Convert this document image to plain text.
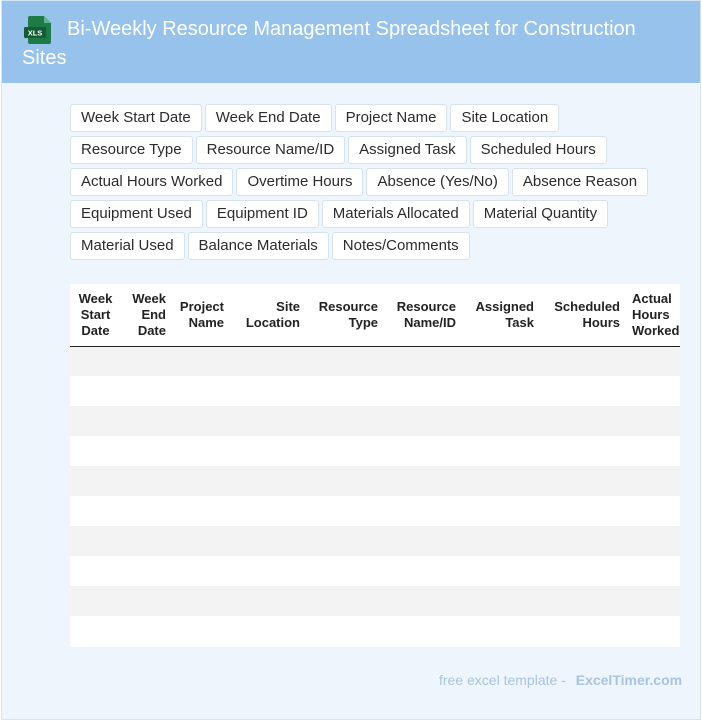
XLS	Bi-Weekly Resource Management Spreadsheet for Construction Sites
Week Start Date	Week End Date	Project Name	Site Location
Resource Type	Resource Name/ID	Assigned Task	Scheduled Hours
Actual Hours Worked	Overtime Hours	Absence (Yes/No)	Absence Reason
Equipment Used	Equipment ID	Materials Allocated	Material Quantity
Material Used	Balance Materials	Notes/Comments
Week Start Date	Week End Date	Project Name	Site Location	Resource Type	Resource Name/ID	Assigned Task	Scheduled Hours	Actual Hours Worked

free excel template - ExcelTimer.com
